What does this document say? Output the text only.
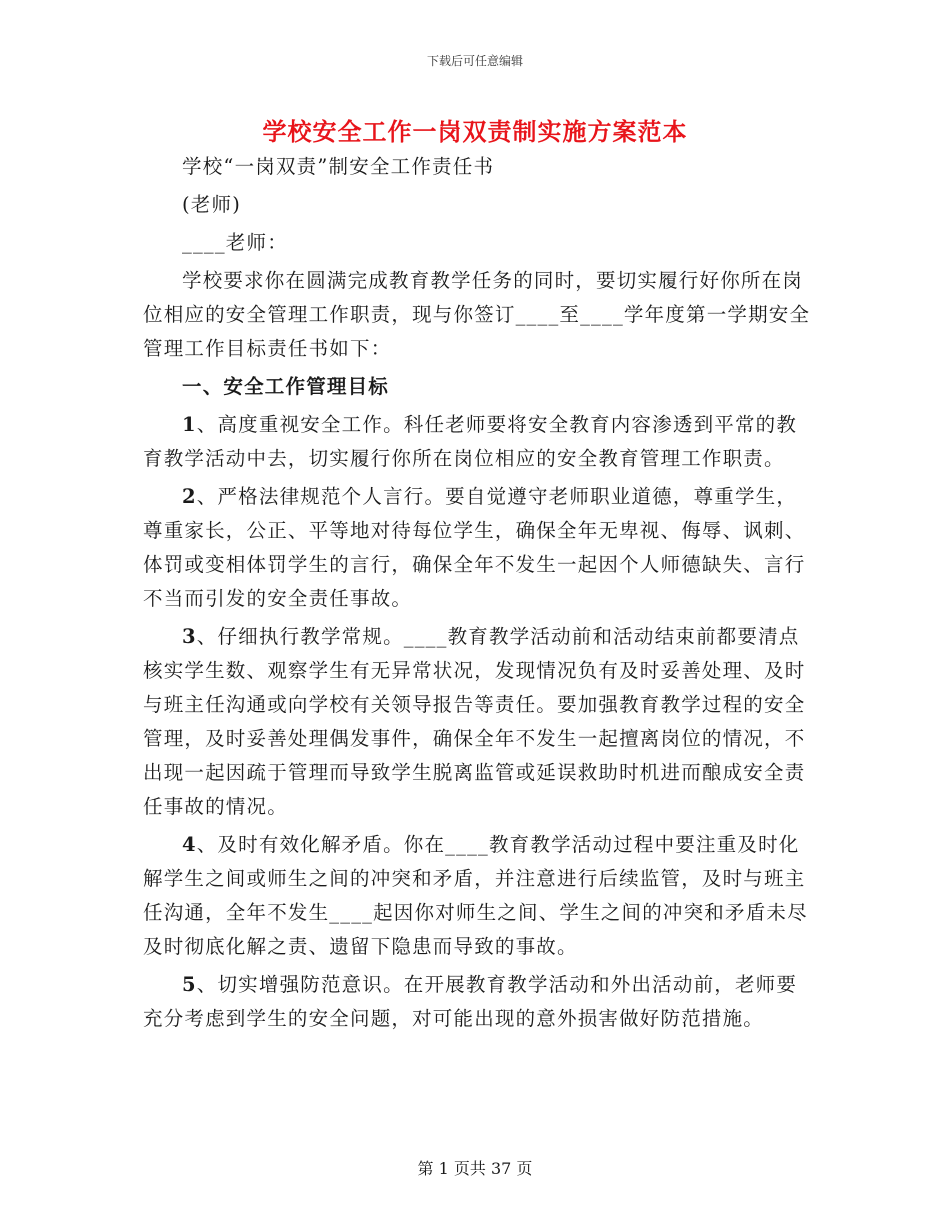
下载后可任意编辑
学校安全工作一岗双责制实施方案范本

学校“一岗双责”制安全工作责任书

(老师)

____老师：

学校要求你在圆满完成教育教学任务的同时，要切实履行好你所在岗位相应的安全管理工作职责，现与你签订____至____学年度第一学期安全管理工作目标责任书如下：

一、安全工作管理目标

1、高度重视安全工作。科任老师要将安全教育内容渗透到平常的教育教学活动中去，切实履行你所在岗位相应的安全教育管理工作职责。

2、严格法律规范个人言行。要自觉遵守老师职业道德，尊重学生，尊重家长，公正、平等地对待每位学生，确保全年无卑视、侮辱、讽刺、体罚或变相体罚学生的言行，确保全年不发生一起因个人师德缺失、言行不当而引发的安全责任事故。

3、仔细执行教学常规。____教育教学活动前和活动结束前都要清点核实学生数、观察学生有无异常状况，发现情况负有及时妥善处理、及时与班主任沟通或向学校有关领导报告等责任。要加强教育教学过程的安全管理，及时妥善处理偶发事件，确保全年不发生一起擅离岗位的情况，不出现一起因疏于管理而导致学生脱离监管或延误救助时机进而酿成安全责任事故的情况。

4、及时有效化解矛盾。你在____教育教学活动过程中要注重及时化解学生之间或师生之间的冲突和矛盾，并注意进行后续监管，及时与班主任沟通，全年不发生____起因你对师生之间、学生之间的冲突和矛盾未尽及时彻底化解之责、遗留下隐患而导致的事故。

5、切实增强防范意识。在开展教育教学活动和外出活动前，老师要充分考虑到学生的安全问题，对可能出现的意外损害做好防范措施。

第 1 页共 37 页
